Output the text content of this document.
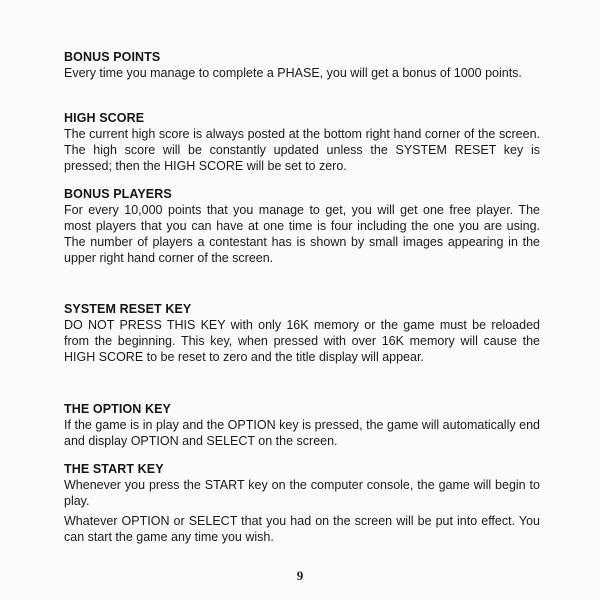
BONUS POINTS

Every time you manage to complete a PHASE, you will get a bonus of 1000 points.

HIGH SCORE

The current high score is always posted at the bottom right hand corner of the screen. The high score will be constantly updated unless the SYSTEM RESET key is pressed; then the HIGH SCORE will be set to zero.

BONUS PLAYERS

For every 10,000 points that you manage to get, you will get one free player. The most players that you can have at one time is four including the one you are using. The number of players a contestant has is shown by small images appearing in the upper right hand corner of the screen.

SYSTEM RESET KEY

DO NOT PRESS THIS KEY with only 16K memory or the game must be reloaded from the beginning. This key, when pressed with over 16K memory will cause the HIGH SCORE to be reset to zero and the title display will appear.

THE OPTION KEY

If the game is in play and the OPTION key is pressed, the game will automatically end and display OPTION and SELECT on the screen.

THE START KEY

Whenever you press the START key on the computer console, the game will begin to play.

Whatever OPTION or SELECT that you had on the screen will be put into effect. You can start the game any time you wish.

9
